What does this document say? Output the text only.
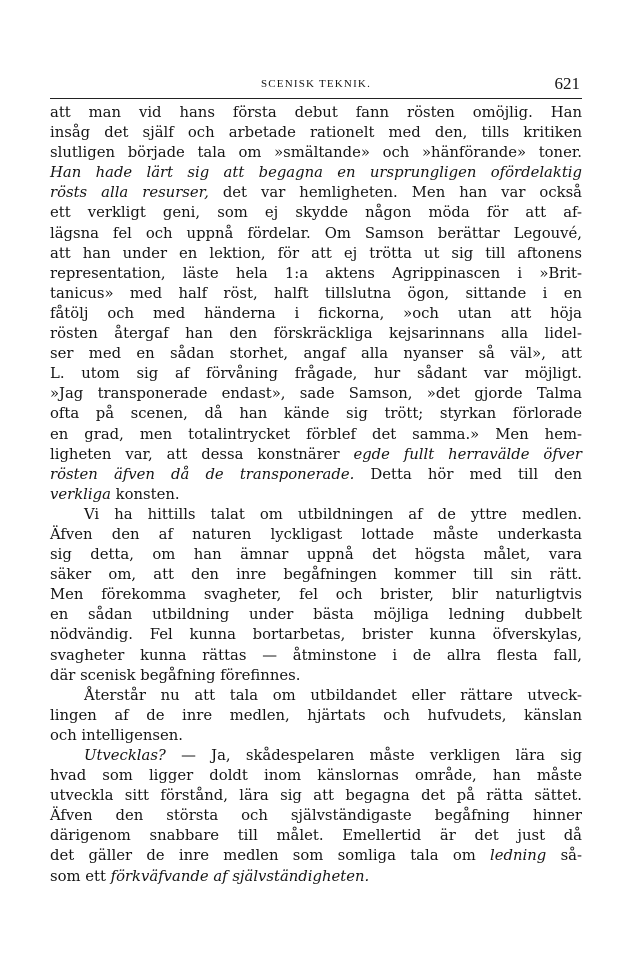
SCENISK TEKNIK.	621
att man vid hans första debut fann rösten omöjlig. Han
insåg det själf och arbetade rationelt med den, tills kritiken
slutligen började tala om »smältande» och »hänförande» toner.
Han hade lärt sig att begagna en ursprungligen ofördelaktig
rösts alla resurser, det var hemligheten. Men han var också
ett verkligt geni, som ej skydde någon möda för att af-
lägsna fel och uppnå fördelar. Om Samson berättar Legouvé,
att han under en lektion, för att ej trötta ut sig till aftonens
representation, läste hela 1:a aktens Agrippinascen i »Brit-
tanicus» med half röst, halft tillslutna ögon, sittande i en
fåtölj och med händerna i fickorna, »och utan att höja
rösten återgaf han den förskräckliga kejsarinnans alla lidel-
ser med en sådan storhet, angaf alla nyanser så väl», att
L. utom sig af förvåning frågade, hur sådant var möjligt.
»Jag transponerade endast», sade Samson, »det gjorde Talma
ofta på scenen, då han kände sig trött; styrkan förlorade
en grad, men totalintrycket förblef det samma.» Men hem-
ligheten var, att dessa konstnärer egde fullt herravälde öfver
rösten äfven då de transponerade. Detta hör med till den
verkliga konsten.
Vi ha hittills talat om utbildningen af de yttre medlen.
Äfven den af naturen lyckligast lottade måste underkasta
sig detta, om han ämnar uppnå det högsta målet, vara
säker om, att den inre begåfningen kommer till sin rätt.
Men förekomma svagheter, fel och brister, blir naturligtvis
en sådan utbildning under bästa möjliga ledning dubbelt
nödvändig. Fel kunna bortarbetas, brister kunna öfverskylas,
svagheter kunna rättas — åtminstone i de allra flesta fall,
där scenisk begåfning förefinnes.
Återstår nu att tala om utbildandet eller rättare utveck-
lingen af de inre medlen, hjärtats och hufvudets, känslan
och intelligensen.
Utvecklas? — Ja, skådespelaren måste verkligen lära sig
hvad som ligger doldt inom känslornas område, han måste
utveckla sitt förstånd, lära sig att begagna det på rätta sättet.
Äfven den största och självständigaste begåfning hinner
därigenom snabbare till målet. Emellertid är det just då
det gäller de inre medlen som somliga tala om ledning så-
som ett förkväfvande af självständigheten.
